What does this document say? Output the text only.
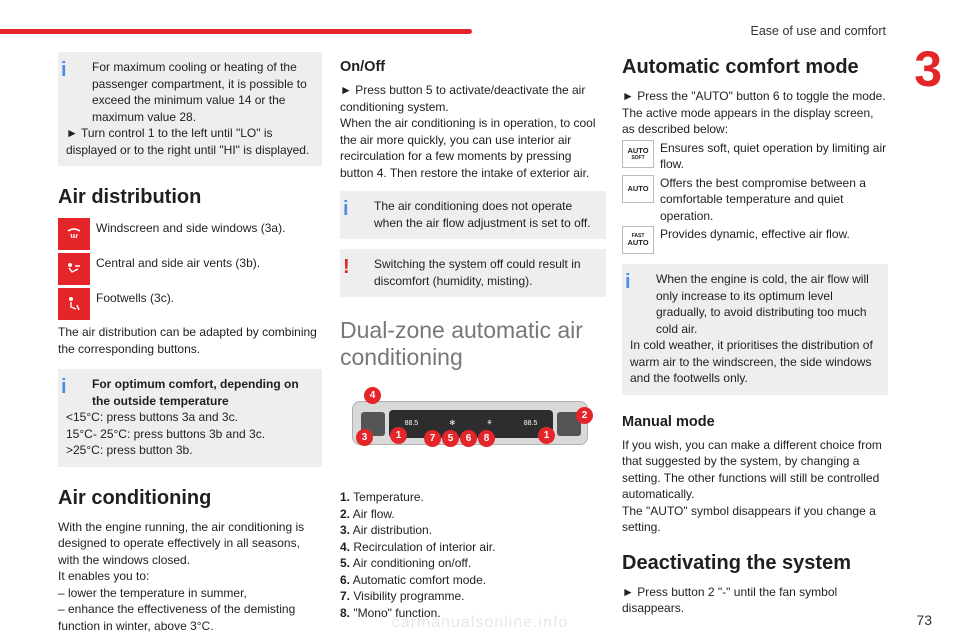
Ease of use and comfort
3
i	For maximum cooling or heating of the passenger compartment, it is possible to exceed the minimum value 14 or the maximum value 28.

► Turn control 1 to the left until "LO" is displayed or to the right until "HI" is displayed.

Air distribution
Windscreen and side windows (3a).
Central and side air vents (3b).
Footwells (3c).

The air distribution can be adapted by combining the corresponding buttons.

i	For optimum comfort, depending on the outside temperature

<15°C: press buttons 3a and 3c.

15°C- 25°C: press buttons 3b and 3c.

>25°C: press button 3b.

Air conditioning

With the engine running, the air conditioning is designed to operate effectively in all seasons, with the windows closed.

It enables you to:

– lower the temperature in summer,

– enhance the effectiveness of the demisting function in winter, above 3°C.

On/Off

► Press button 5 to activate/deactivate the air conditioning system.

When the air conditioning is in operation, to cool the air more quickly, you can use interior air recirculation for a few moments by pressing button 4. Then restore the intake of exterior air.

i	The air conditioning does not operate when the air flow adjustment is set to off.

!	Switching the system off could result in discomfort (humidity, misting).

Dual-zone automatic air conditioning
88.5	✻	⚘	88.5
4
2
3	1	7	5	6	8	1
1. Temperature.
2. Air flow.
3. Air distribution.
4. Recirculation of interior air.
5. Air conditioning on/off.
6. Automatic comfort mode.
7. Visibility programme.
8. "Mono" function.
Automatic comfort mode

► Press the "AUTO" button 6 to toggle the mode.

The active mode appears in the display screen, as described below:

AUTO
SOFT
Ensures soft, quiet operation by limiting air flow.
AUTO Offers the best compromise between a comfortable temperature and quiet operation.
FAST
AUTO
Provides dynamic, effective air flow.
i	When the engine is cold, the air flow will only increase to its optimum level gradually, to avoid distributing too much cold air.

In cold weather, it prioritises the distribution of warm air to the windscreen, the side windows and the footwells only.

Manual mode

If you wish, you can make a different choice from that suggested by the system, by changing a setting. The other functions will still be controlled automatically.

The "AUTO" symbol disappears if you change a setting.

Deactivating the system

► Press button 2 "-" until the fan symbol disappears.

carmanualsonline.info	73
